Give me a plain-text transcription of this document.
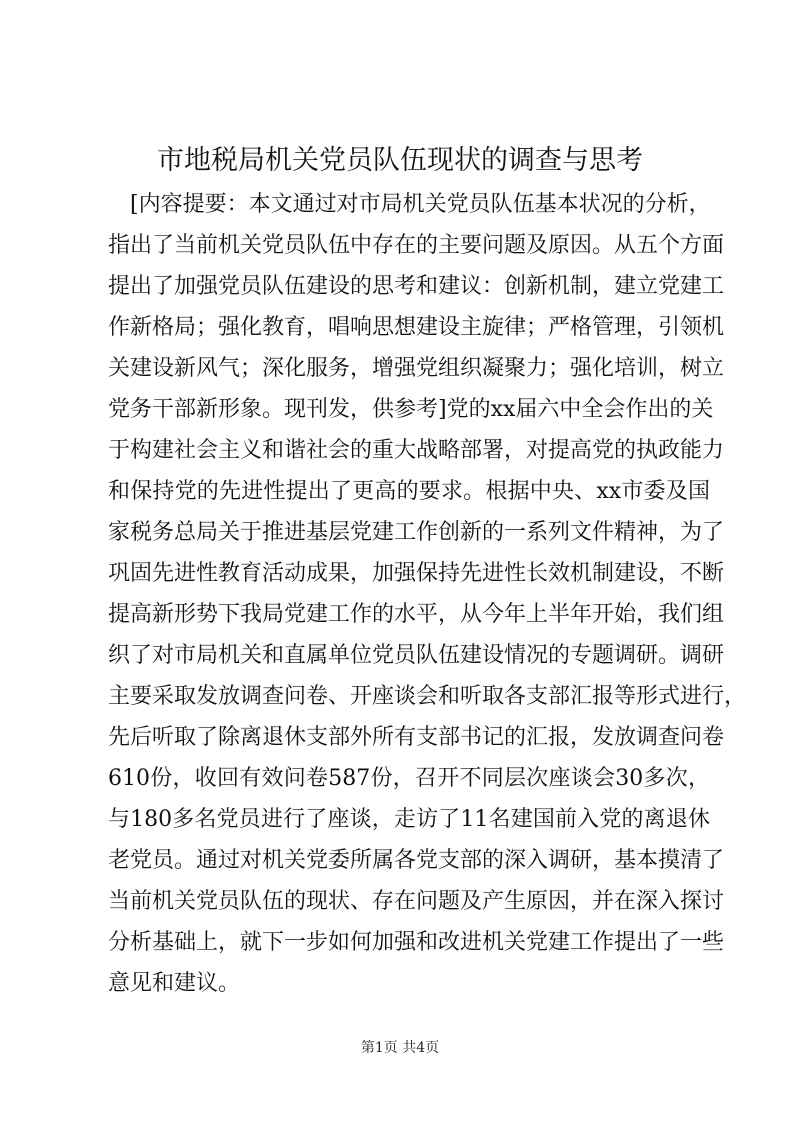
市地税局机关党员队伍现状的调查与思考
　[内容提要：本文通过对市局机关党员队伍基本状况的分析，
指出了当前机关党员队伍中存在的主要问题及原因。从五个方面
提出了加强党员队伍建设的思考和建议：创新机制，建立党建工
作新格局；强化教育，唱响思想建设主旋律；严格管理，引领机
关建设新风气；深化服务，增强党组织凝聚力；强化培训，树立
党务干部新形象。现刊发，供参考]党的xx届六中全会作出的关
于构建社会主义和谐社会的重大战略部署，对提高党的执政能力
和保持党的先进性提出了更高的要求。根据中央、xx市委及国
家税务总局关于推进基层党建工作创新的一系列文件精神，为了
巩固先进性教育活动成果，加强保持先进性长效机制建设，不断
提高新形势下我局党建工作的水平，从今年上半年开始，我们组
织了对市局机关和直属单位党员队伍建设情况的专题调研。调研
主要采取发放调查问卷、开座谈会和听取各支部汇报等形式进行，
先后听取了除离退休支部外所有支部书记的汇报，发放调查问卷
610份，收回有效问卷587份，召开不同层次座谈会30多次，
与180多名党员进行了座谈，走访了11名建国前入党的离退休
老党员。通过对机关党委所属各党支部的深入调研，基本摸清了
当前机关党员队伍的现状、存在问题及产生原因，并在深入探讨
分析基础上，就下一步如何加强和改进机关党建工作提出了一些
意见和建议。
第1页 共4页
